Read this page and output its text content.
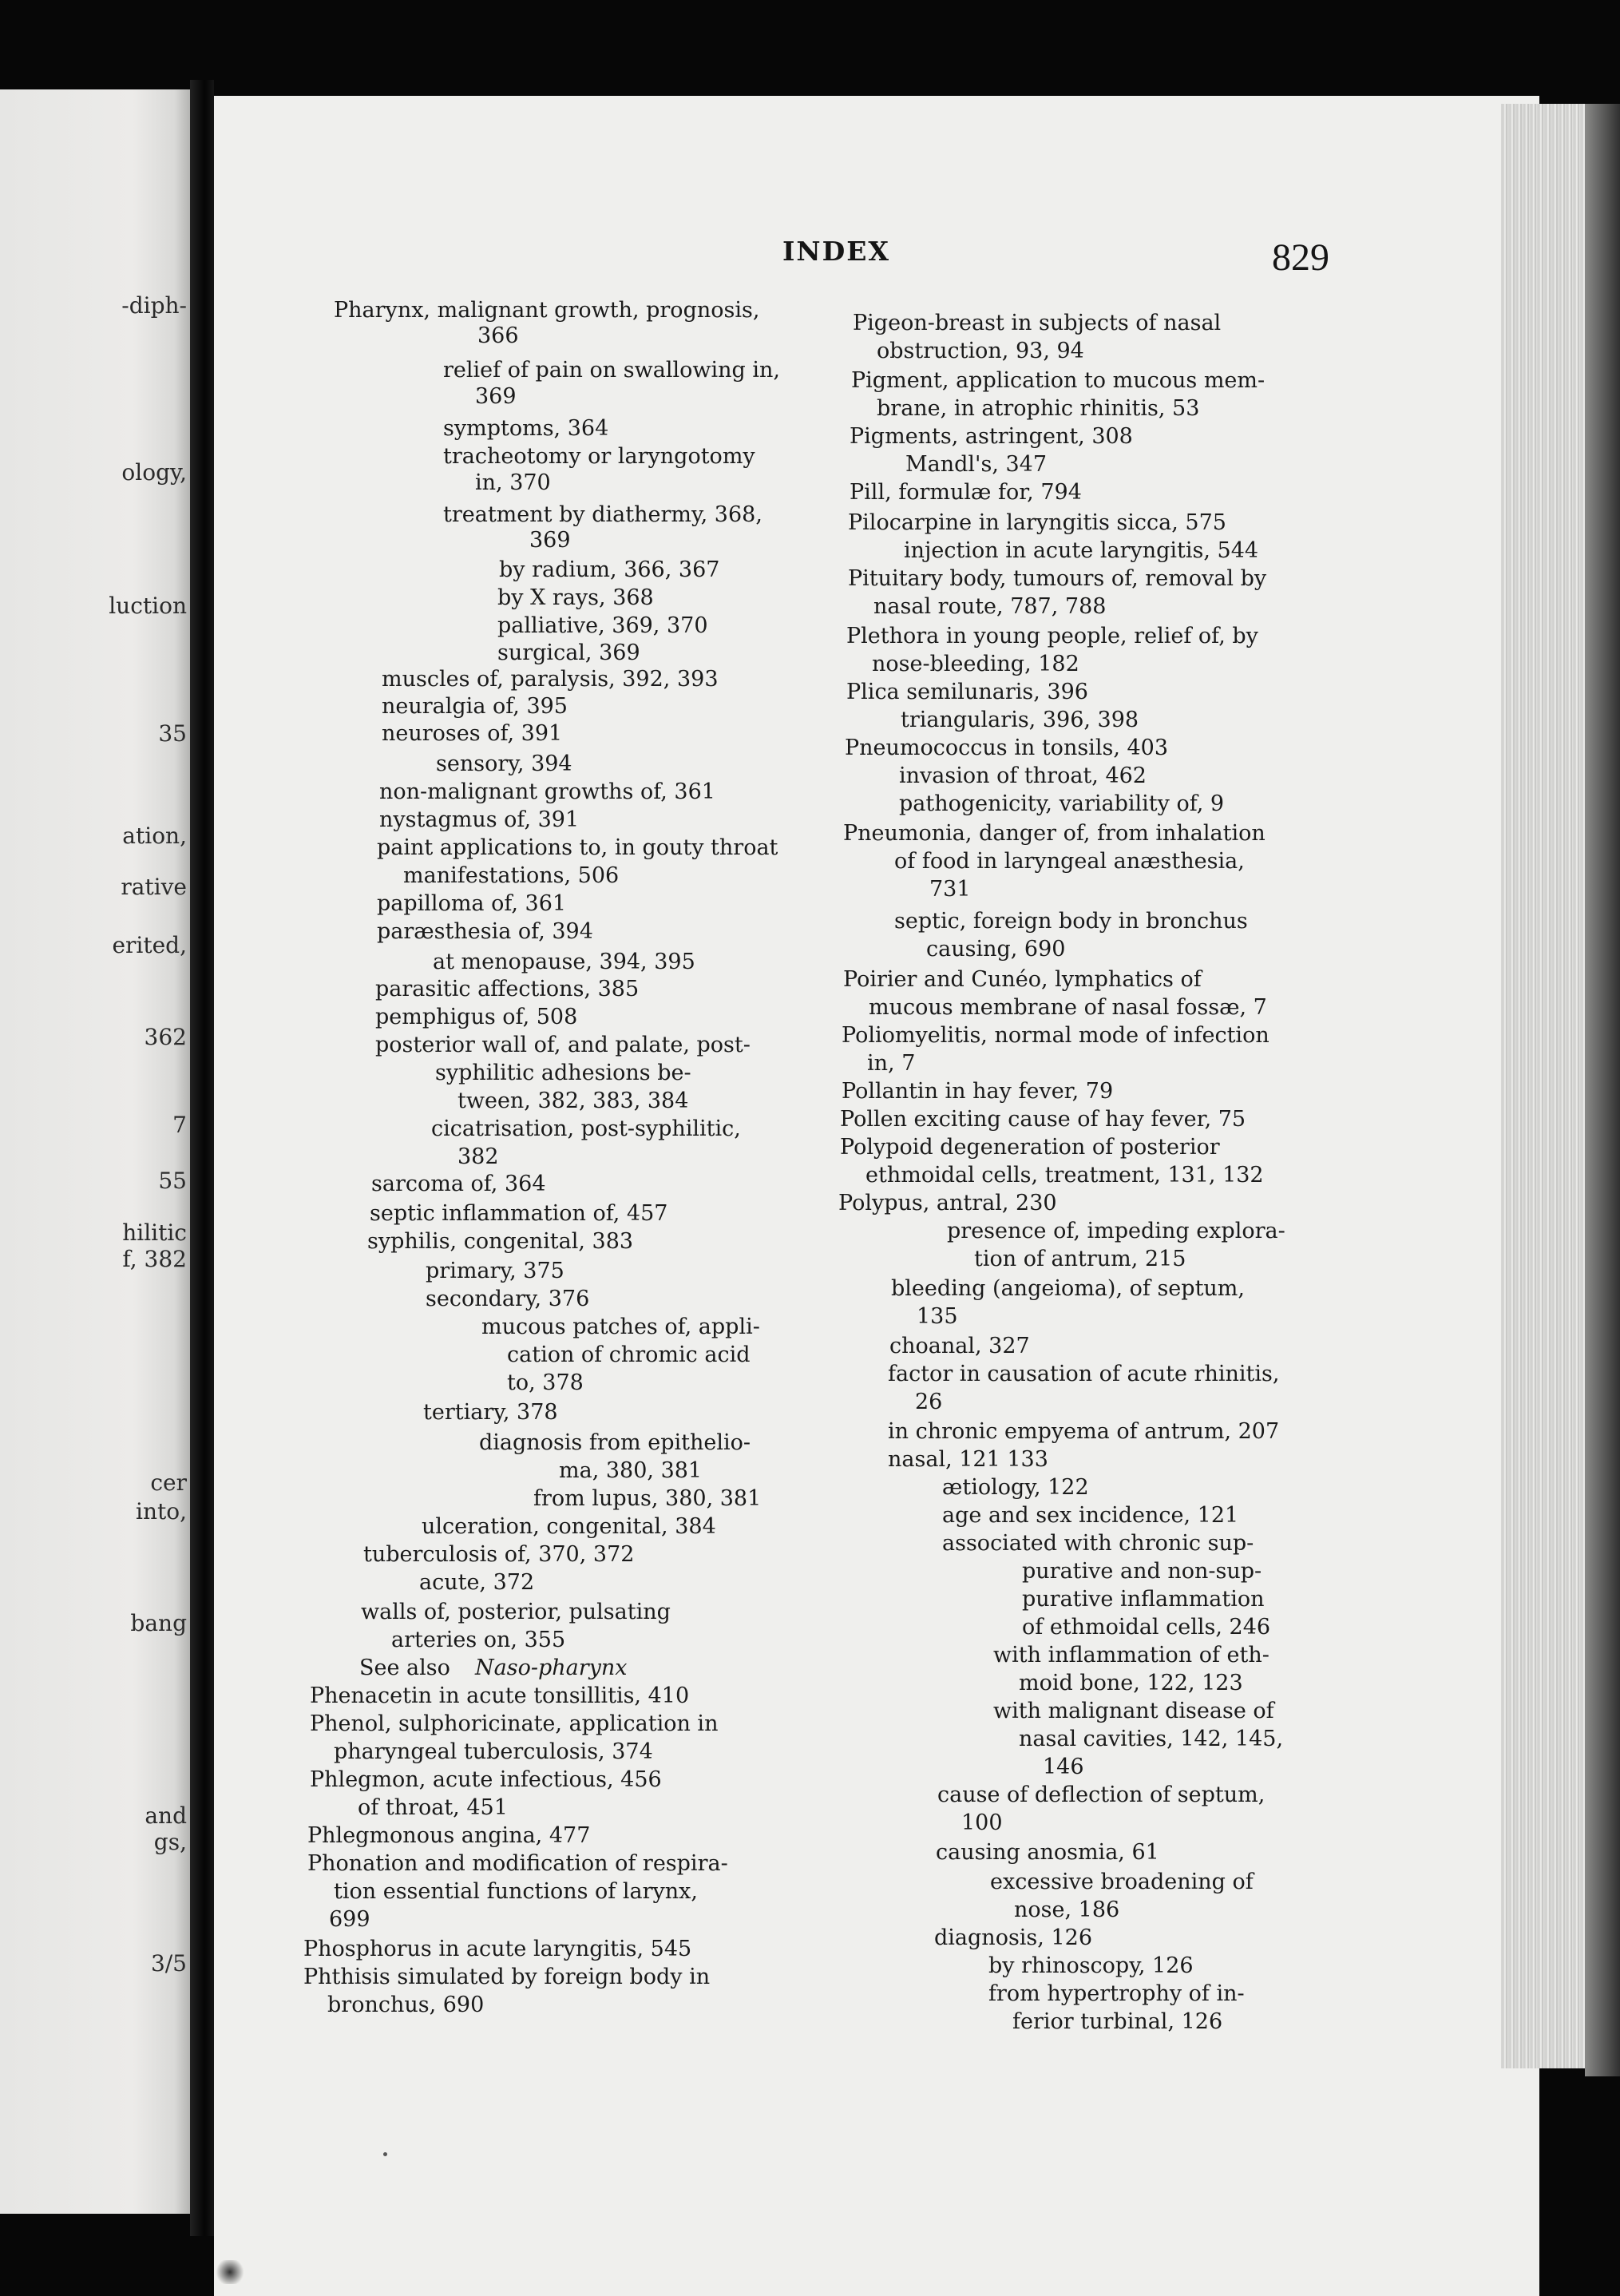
-diph-
ology,
luction
35
ation,
rative
erited,
362
7
55
hilitic
f, 382
cer
into,
bang
and
gs,
3/5
INDEX	829

Pharynx, malignant growth, prognosis,

366

relief of pain on swallowing in,

369

symptoms, 364

tracheotomy or laryngotomy

in, 370

treatment by diathermy, 368,

369

by radium, 366, 367

by X rays, 368

palliative, 369, 370

surgical, 369

muscles of, paralysis, 392, 393

neuralgia of, 395

neuroses of, 391

sensory, 394

non-malignant growths of, 361

nystagmus of, 391

paint applications to, in gouty throat

manifestations, 506

papilloma of, 361

paræsthesia of, 394

at menopause, 394, 395

parasitic affections, 385

pemphigus of, 508

posterior wall of, and palate, post-

syphilitic adhesions be-

tween, 382, 383, 384

cicatrisation, post-syphilitic,

382

sarcoma of, 364

septic inflammation of, 457

syphilis, congenital, 383

primary, 375

secondary, 376

mucous patches of, appli-

cation of chromic acid

to, 378

tertiary, 378

diagnosis from epithelio-

ma, 380, 381

from lupus, 380, 381

ulceration, congenital, 384

tuberculosis of, 370, 372

acute, 372

walls of, posterior, pulsating

arteries on, 355

See also Naso-pharynx

Phenacetin in acute tonsillitis, 410

Phenol, sulphoricinate, application in

pharyngeal tuberculosis, 374

Phlegmon, acute infectious, 456

of throat, 451

Phlegmonous angina, 477

Phonation and modification of respira-

tion essential functions of larynx,

699

Phosphorus in acute laryngitis, 545

Phthisis simulated by foreign body in

bronchus, 690

Pigeon-breast in subjects of nasal

obstruction, 93, 94

Pigment, application to mucous mem-

brane, in atrophic rhinitis, 53

Pigments, astringent, 308

Mandl's, 347

Pill, formulæ for, 794

Pilocarpine in laryngitis sicca, 575

injection in acute laryngitis, 544

Pituitary body, tumours of, removal by

nasal route, 787, 788

Plethora in young people, relief of, by

nose-bleeding, 182

Plica semilunaris, 396

triangularis, 396, 398

Pneumococcus in tonsils, 403

invasion of throat, 462

pathogenicity, variability of, 9

Pneumonia, danger of, from inhalation

of food in laryngeal anæsthesia,

731

septic, foreign body in bronchus

causing, 690

Poirier and Cunéo, lymphatics of

mucous membrane of nasal fossæ, 7

Poliomyelitis, normal mode of infection

in, 7

Pollantin in hay fever, 79

Pollen exciting cause of hay fever, 75

Polypoid degeneration of posterior

ethmoidal cells, treatment, 131, 132

Polypus, antral, 230

presence of, impeding explora-

tion of antrum, 215

bleeding (angeioma), of septum,

135

choanal, 327

factor in causation of acute rhinitis,

26

in chronic empyema of antrum, 207

nasal, 121 133

ætiology, 122

age and sex incidence, 121

associated with chronic sup-

purative and non-sup-

purative inflammation

of ethmoidal cells, 246

with inflammation of eth-

moid bone, 122, 123

with malignant disease of

nasal cavities, 142, 145,

146

cause of deflection of septum,

100

causing anosmia, 61

excessive broadening of

nose, 186

diagnosis, 126

by rhinoscopy, 126

from hypertrophy of in-

ferior turbinal, 126
